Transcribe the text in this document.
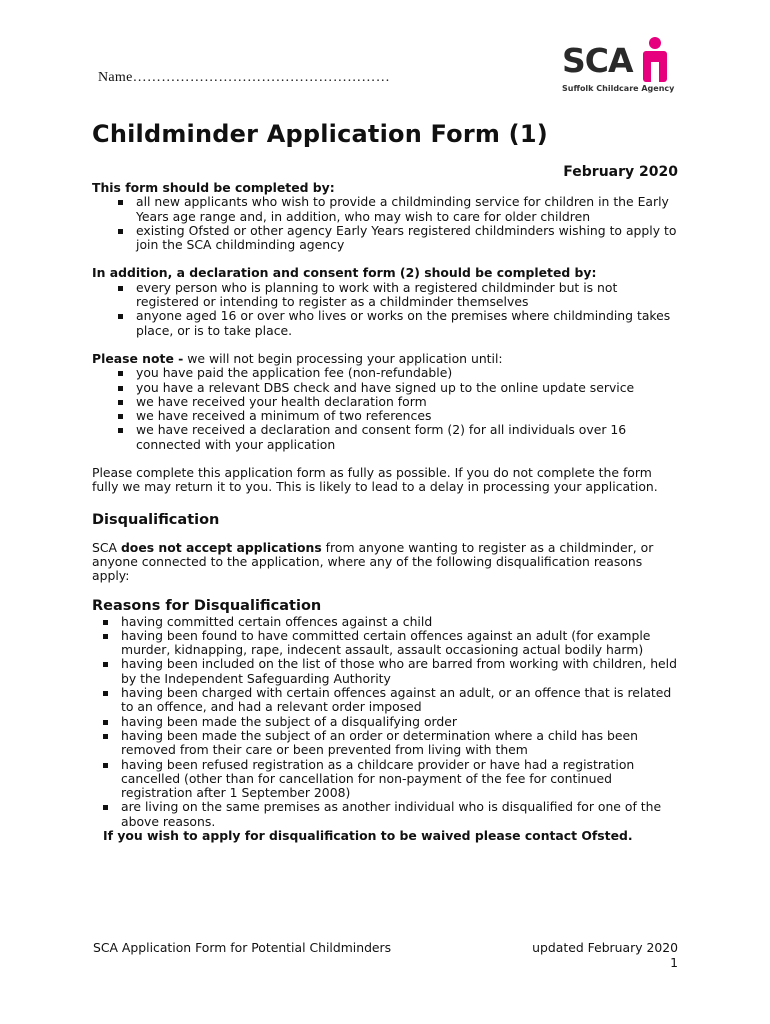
Name………………………………………………	SCA
Suffolk Childcare Agency
Childminder Application Form (1)
February 2020

This form should be completed by:

all new applicants who wish to provide a childminding service for children in the Early Years age range and, in addition, who may wish to care for older children
existing Ofsted or other agency Early Years registered childminders wishing to apply to join the SCA childminding agency

In addition, a declaration and consent form (2) should be completed by:

every person who is planning to work with a registered childminder but is not registered or intending to register as a childminder themselves
anyone aged 16 or over who lives or works on the premises where childminding takes place, or is to take place.

Please note - we will not begin processing your application until:

you have paid the application fee (non-refundable)
you have a relevant DBS check and have signed up to the online update service
we have received your health declaration form
we have received a minimum of two references
we have received a declaration and consent form (2) for all individuals over 16 connected with your application

Please complete this application form as fully as possible. If you do not complete the form fully we may return it to you. This is likely to lead to a delay in processing your application.

Disqualification

SCA does not accept applications from anyone wanting to register as a childminder, or anyone connected to the application, where any of the following disqualification reasons apply:

Reasons for Disqualification
having committed certain offences against a child
having been found to have committed certain offences against an adult (for example murder, kidnapping, rape, indecent assault, assault occasioning actual bodily harm)
having been included on the list of those who are barred from working with children, held by the Independent Safeguarding Authority
having been charged with certain offences against an adult, or an offence that is related to an offence, and had a relevant order imposed
having been made the subject of a disqualifying order
having been made the subject of an order or determination where a child has been removed from their care or been prevented from living with them
having been refused registration as a childcare provider or have had a registration cancelled (other than for cancellation for non-payment of the fee for continued registration after 1 September 2008)
are living on the same premises as another individual who is disqualified for one of the above reasons.

If you wish to apply for disqualification to be waived please contact Ofsted.

SCA Application Form for Potential Childminders	updated February 2020
1
